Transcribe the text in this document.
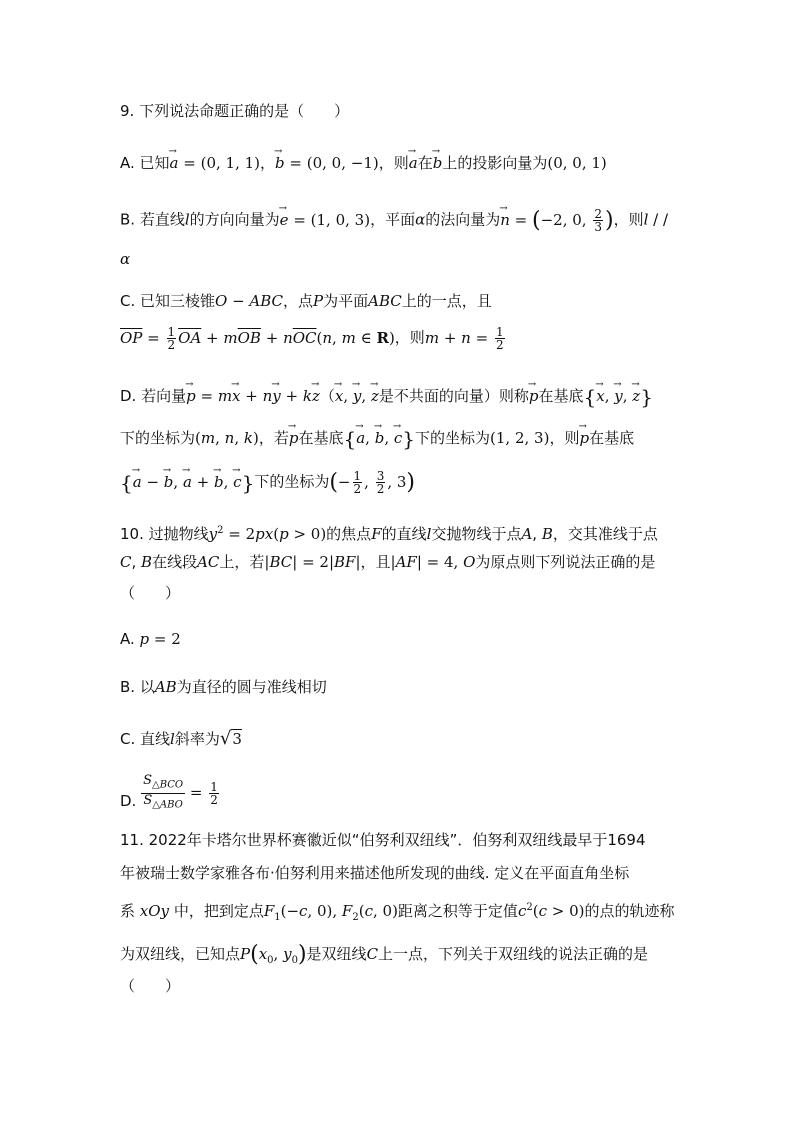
9. 下列说法命题正确的是（　　）
A. 已知→ a = (0, 1, 1)，→ b = (0, 0, −1)，则→ a在→ b上的投影向量为(0, 0, 1)
B. 若直线l的方向向量为→ e = (1, 0, 3)，平面α的法向量为→ n = (−2, 0, $\frac{2}{3}$ )，则l / /
α
C. 已知三棱锥O − ABC，点P为平面ABC上的一点，且
$\overline{OP} = \frac{1}{2} \overline{OA} + m\overline{OB} + n\overline{OC}(n$, m ∈ R)，则$m + n = \frac{1}{2}$
D. 若向量→ p = m→ x + n→ y + k→ z（→ x, → y, → z是不共面的向量）则称→ p在基底{→ x, → y, → z}
下的坐标为(m, n, k)，若→ p在基底{→ a, → b, → c}下的坐标为(1, 2, 3)，则→ p在基底
{→ a − → b, → a + → b, → c}下的坐标为(− $\frac{1}{2}$ , $\frac{3}{2}$ , 3)
10. 过抛物线$y^2 = 2px(p > 0)$的焦点F的直线l交抛物线于点A, B，交其准线于点
C, B在线段AC上，若|BC| = 2|BF|，且|AF| = 4, O为原点则下列说法正确的是
（　　）
A. p = 2
B. 以AB为直径的圆与准线相切
C. 直线l斜率为√3
D.
$S_{\triangle BCO}$
$S_{\triangle ABO}$
= $\frac{1}{2}$
11. 2022年卡塔尔世界杯赛徽近似“伯努利双纽线”．伯努利双纽线最早于1694
年被瑞士数学家雅各布·伯努利用来描述他所发现的曲线. 定义在平面直角坐标
系 xOy 中，把到定点$F_1(-c$, 0), $F_2(c$, 0)距离之积等于定值$c^2(c > 0)$的点的轨迹称
为双纽线，已知点$P(x_0$, $y_0$)是双纽线C上一点，下列关于双纽线的说法正确的是
（　　）
